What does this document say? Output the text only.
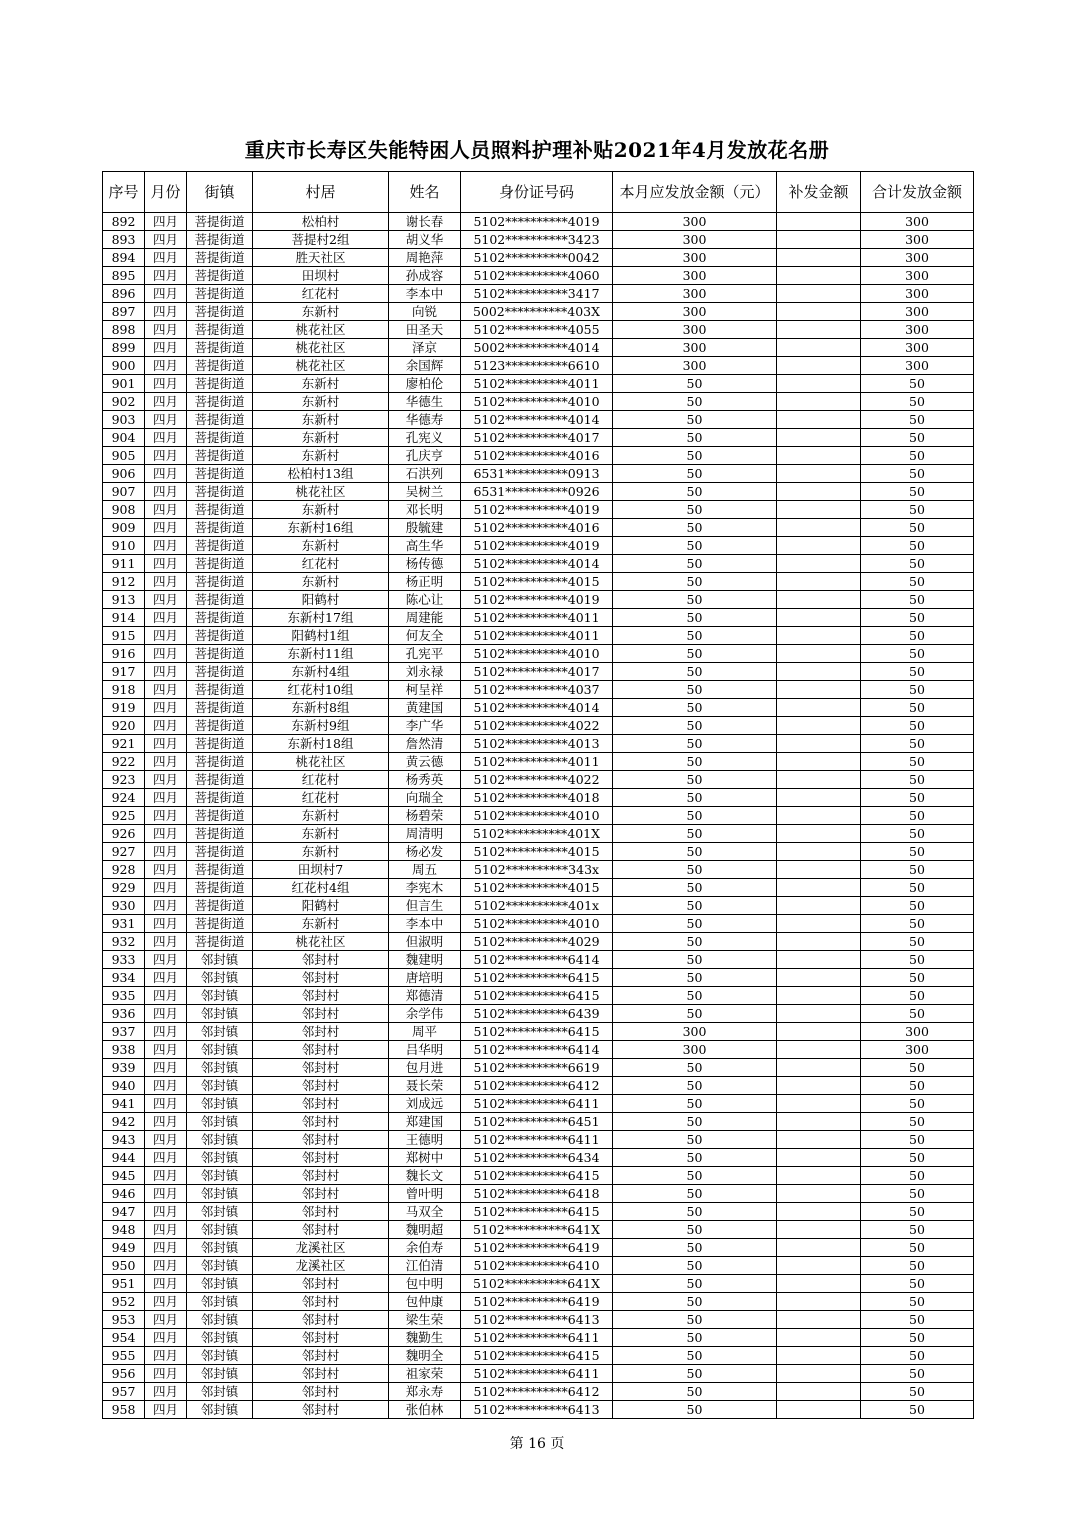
重庆市长寿区失能特困人员照料护理补贴2021年4月发放花名册
序号	月份	街镇	村居	姓名	身份证号码	本月应发放金额（元）	补发金额	合计发放金额
892	四月	菩提街道	松柏村	谢长春	5102**********4019	300		300
893	四月	菩提街道	菩提村2组	胡义华	5102**********3423	300		300
894	四月	菩提街道	胜天社区	周艳萍	5102**********0042	300		300
895	四月	菩提街道	田坝村	孙成容	5102**********4060	300		300
896	四月	菩提街道	红花村	李本中	5102**********3417	300		300
897	四月	菩提街道	东新村	向锐	5002**********403X	300		300
898	四月	菩提街道	桃花社区	田圣天	5102**********4055	300		300
899	四月	菩提街道	桃花社区	泽京	5002**********4014	300		300
900	四月	菩提街道	桃花社区	余国辉	5123**********6610	300		300
901	四月	菩提街道	东新村	廖柏伦	5102**********4011	50		50
902	四月	菩提街道	东新村	华德生	5102**********4010	50		50
903	四月	菩提街道	东新村	华德寿	5102**********4014	50		50
904	四月	菩提街道	东新村	孔宪义	5102**********4017	50		50
905	四月	菩提街道	东新村	孔庆亨	5102**********4016	50		50
906	四月	菩提街道	松柏村13组	石洪列	6531**********0913	50		50
907	四月	菩提街道	桃花社区	吴树兰	6531**********0926	50		50
908	四月	菩提街道	东新村	邓长明	5102**********4019	50		50
909	四月	菩提街道	东新村16组	殷毓建	5102**********4016	50		50
910	四月	菩提街道	东新村	高生华	5102**********4019	50		50
911	四月	菩提街道	红花村	杨传德	5102**********4014	50		50
912	四月	菩提街道	东新村	杨正明	5102**********4015	50		50
913	四月	菩提街道	阳鹤村	陈心让	5102**********4019	50		50
914	四月	菩提街道	东新村17组	周建能	5102**********4011	50		50
915	四月	菩提街道	阳鹤村1组	何友全	5102**********4011	50		50
916	四月	菩提街道	东新村11组	孔宪平	5102**********4010	50		50
917	四月	菩提街道	东新村4组	刘永禄	5102**********4017	50		50
918	四月	菩提街道	红花村10组	柯呈祥	5102**********4037	50		50
919	四月	菩提街道	东新村8组	黄建国	5102**********4014	50		50
920	四月	菩提街道	东新村9组	李广华	5102**********4022	50		50
921	四月	菩提街道	东新村18组	詹然清	5102**********4013	50		50
922	四月	菩提街道	桃花社区	黄云德	5102**********4011	50		50
923	四月	菩提街道	红花村	杨秀英	5102**********4022	50		50
924	四月	菩提街道	红花村	向瑞全	5102**********4018	50		50
925	四月	菩提街道	东新村	杨碧荣	5102**********4010	50		50
926	四月	菩提街道	东新村	周清明	5102**********401X	50		50
927	四月	菩提街道	东新村	杨必发	5102**********4015	50		50
928	四月	菩提街道	田坝村7	周五	5102**********343x	50		50
929	四月	菩提街道	红花村4组	李宪木	5102**********4015	50		50
930	四月	菩提街道	阳鹤村	但言生	5102**********401x	50		50
931	四月	菩提街道	东新村	李本中	5102**********4010	50		50
932	四月	菩提街道	桃花社区	但淑明	5102**********4029	50		50
933	四月	邻封镇	邻封村	魏建明	5102**********6414	50		50
934	四月	邻封镇	邻封村	唐培明	5102**********6415	50		50
935	四月	邻封镇	邻封村	郑德清	5102**********6415	50		50
936	四月	邻封镇	邻封村	余学伟	5102**********6439	50		50
937	四月	邻封镇	邻封村	周平	5102**********6415	300		300
938	四月	邻封镇	邻封村	吕华明	5102**********6414	300		300
939	四月	邻封镇	邻封村	包月进	5102**********6619	50		50
940	四月	邻封镇	邻封村	聂长荣	5102**********6412	50		50
941	四月	邻封镇	邻封村	刘成远	5102**********6411	50		50
942	四月	邻封镇	邻封村	郑建国	5102**********6451	50		50
943	四月	邻封镇	邻封村	王德明	5102**********6411	50		50
944	四月	邻封镇	邻封村	郑树中	5102**********6434	50		50
945	四月	邻封镇	邻封村	魏长文	5102**********6415	50		50
946	四月	邻封镇	邻封村	曾叶明	5102**********6418	50		50
947	四月	邻封镇	邻封村	马双全	5102**********6415	50		50
948	四月	邻封镇	邻封村	魏明超	5102**********641X	50		50
949	四月	邻封镇	龙溪社区	余伯寿	5102**********6419	50		50
950	四月	邻封镇	龙溪社区	江伯清	5102**********6410	50		50
951	四月	邻封镇	邻封村	包中明	5102**********641X	50		50
952	四月	邻封镇	邻封村	包仲康	5102**********6419	50		50
953	四月	邻封镇	邻封村	梁生荣	5102**********6413	50		50
954	四月	邻封镇	邻封村	魏勤生	5102**********6411	50		50
955	四月	邻封镇	邻封村	魏明全	5102**********6415	50		50
956	四月	邻封镇	邻封村	祖家荣	5102**********6411	50		50
957	四月	邻封镇	邻封村	郑永寿	5102**********6412	50		50
958	四月	邻封镇	邻封村	张伯林	5102**********6413	50		50
第 16 页
